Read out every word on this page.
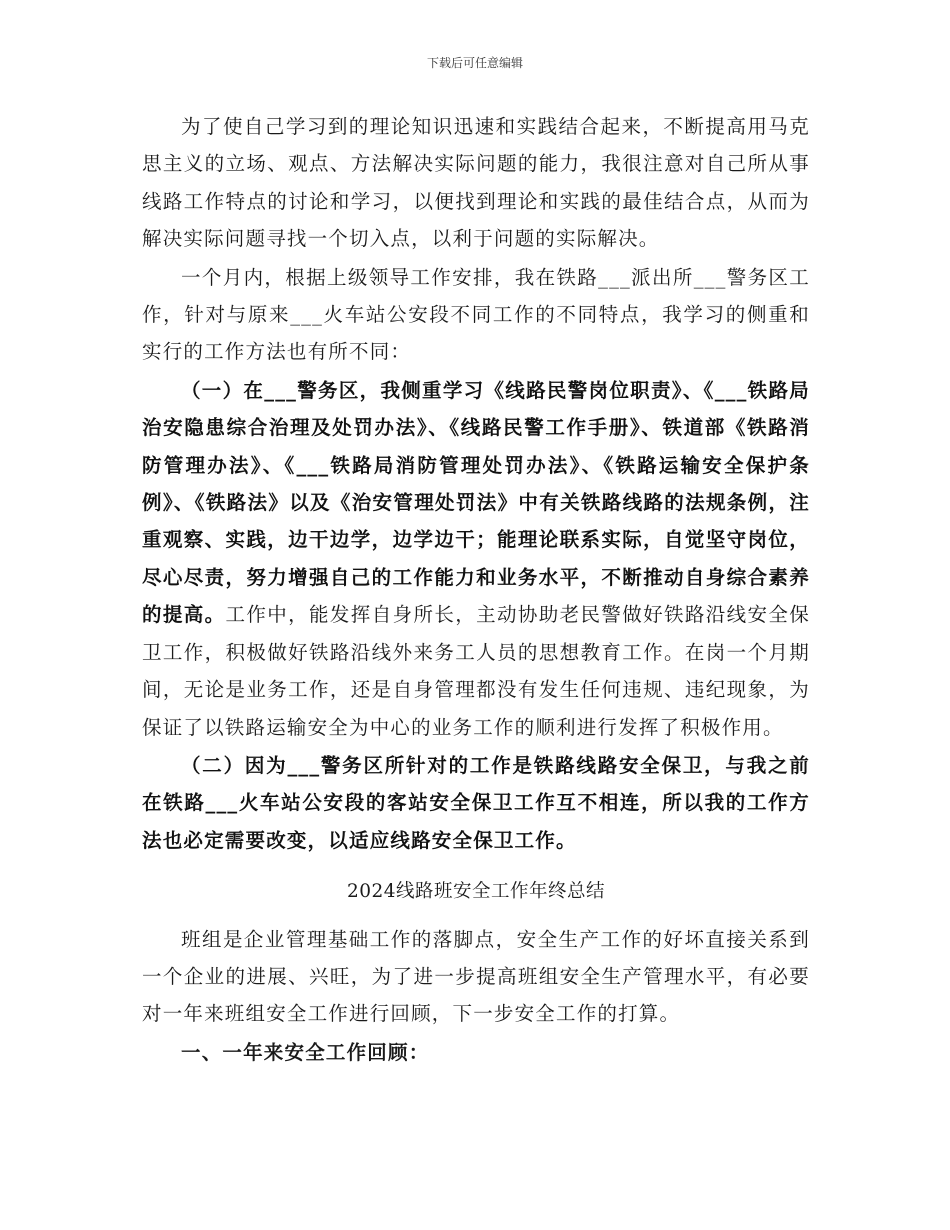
下载后可任意编辑

为了使自己学习到的理论知识迅速和实践结合起来，不断提高用马克思主义的立场、观点、方法解决实际问题的能力，我很注意对自己所从事线路工作特点的讨论和学习，以便找到理论和实践的最佳结合点，从而为解决实际问题寻找一个切入点，以利于问题的实际解决。

一个月内，根据上级领导工作安排，我在铁路___派出所___警务区工作，针对与原来___火车站公安段不同工作的不同特点，我学习的侧重和实行的工作方法也有所不同：

（一）在___警务区，我侧重学习《线路民警岗位职责》、《___铁路局治安隐患综合治理及处罚办法》、《线路民警工作手册》、铁道部《铁路消防管理办法》、《___铁路局消防管理处罚办法》、《铁路运输安全保护条例》、《铁路法》以及《治安管理处罚法》中有关铁路线路的法规条例，注重观察、实践，边干边学，边学边干；能理论联系实际，自觉坚守岗位，尽心尽责，努力增强自己的工作能力和业务水平，不断推动自身综合素养的提高。工作中，能发挥自身所长，主动协助老民警做好铁路沿线安全保卫工作，积极做好铁路沿线外来务工人员的思想教育工作。在岗一个月期间，无论是业务工作，还是自身管理都没有发生任何违规、违纪现象，为保证了以铁路运输安全为中心的业务工作的顺利进行发挥了积极作用。

（二）因为___警务区所针对的工作是铁路线路安全保卫，与我之前在铁路___火车站公安段的客站安全保卫工作互不相连，所以我的工作方法也必定需要改变，以适应线路安全保卫工作。

2024线路班安全工作年终总结

班组是企业管理基础工作的落脚点，安全生产工作的好坏直接关系到一个企业的进展、兴旺，为了进一步提高班组安全生产管理水平，有必要对一年来班组安全工作进行回顾，下一步安全工作的打算。

一、一年来安全工作回顾：
